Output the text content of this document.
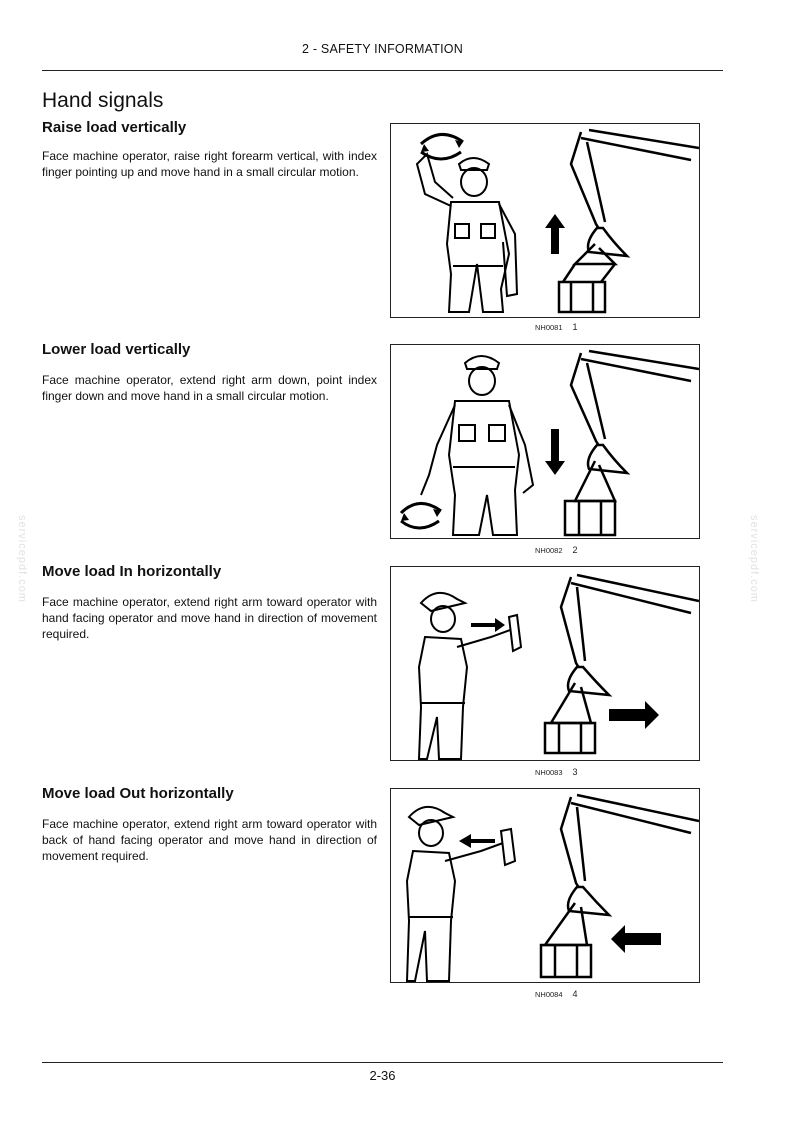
2 - SAFETY INFORMATION
Hand signals
Raise load vertically

Face machine operator, raise right forearm vertical, with index finger pointing up and move hand in a small circular motion.

NH0081 1
Lower load vertically

Face machine operator, extend right arm down, point index finger down and move hand in a small circular motion.

NH0082 2
Move load In horizontally

Face machine operator, extend right arm toward operator with hand facing operator and move hand in direction of movement required.

NH0083 3
Move load Out horizontally

Face machine operator, extend right arm toward operator with back of hand facing operator and move hand in direction of movement required.

NH0084 4
servicepdf.com	servicepdf.com
2-36
